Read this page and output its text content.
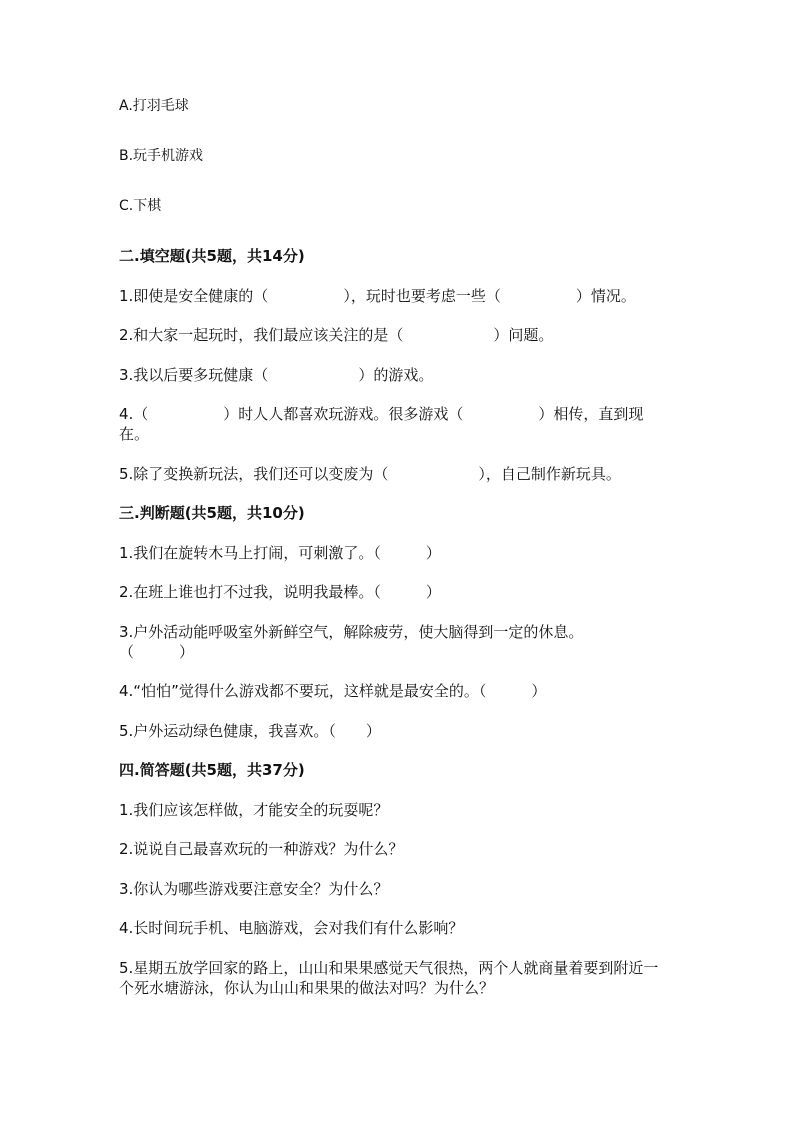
A.打羽毛球
B.玩手机游戏
C.下棋
二.填空题(共5题，共14分)
1.即使是安全健康的（　　　　　），玩时也要考虑一些（　　　　　）情况。
2.和大家一起玩时，我们最应该关注的是（　　　　　　）问题。
3.我以后要多玩健康（　　　　　　）的游戏。
4.（　　　　　）时人人都喜欢玩游戏。很多游戏（　　　　　）相传，直到现在。
5.除了变换新玩法，我们还可以变废为（　　　　　　），自己制作新玩具。
三.判断题(共5题，共10分)
1.我们在旋转木马上打闹，可刺激了。（　　　）
2.在班上谁也打不过我，说明我最棒。（　　　）
3.户外活动能呼吸室外新鲜空气，解除疲劳，使大脑得到一定的休息。（　　　）
4.“怕怕”觉得什么游戏都不要玩，这样就是最安全的。（　　　）
5.户外运动绿色健康，我喜欢。（　　）
四.简答题(共5题，共37分)
1.我们应该怎样做，才能安全的玩耍呢？
2.说说自己最喜欢玩的一种游戏？为什么？
3.你认为哪些游戏要注意安全？为什么？
4.长时间玩手机、电脑游戏，会对我们有什么影响？
5.星期五放学回家的路上，山山和果果感觉天气很热，两个人就商量着要到附近一个死水塘游泳，你认为山山和果果的做法对吗？为什么？
